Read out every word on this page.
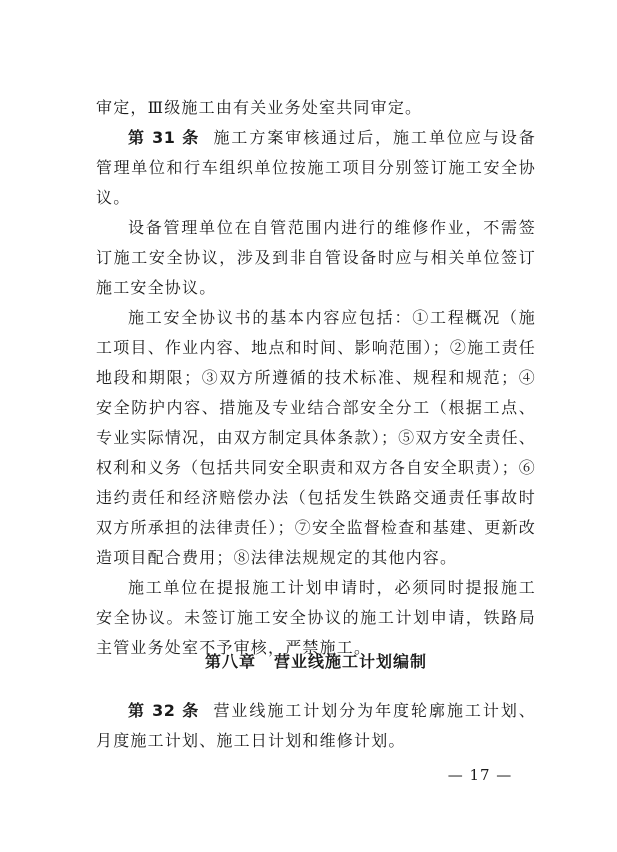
审定，Ⅲ级施工由有关业务处室共同审定。

第 31 条 施工方案审核通过后，施工单位应与设备管理单位和行车组织单位按施工项目分别签订施工安全协议。

设备管理单位在自管范围内进行的维修作业，不需签订施工安全协议，涉及到非自管设备时应与相关单位签订施工安全协议。

施工安全协议书的基本内容应包括：①工程概况（施工项目、作业内容、地点和时间、影响范围）；②施工责任地段和期限；③双方所遵循的技术标准、规程和规范；④安全防护内容、措施及专业结合部安全分工（根据工点、专业实际情况，由双方制定具体条款）；⑤双方安全责任、权利和义务（包括共同安全职责和双方各自安全职责）；⑥违约责任和经济赔偿办法（包括发生铁路交通责任事故时双方所承担的法律责任）；⑦安全监督检查和基建、更新改造项目配合费用；⑧法律法规规定的其他内容。

施工单位在提报施工计划申请时，必须同时提报施工安全协议。未签订施工安全协议的施工计划申请，铁路局主管业务处室不予审核，严禁施工。

第八章 营业线施工计划编制

第 32 条 营业线施工计划分为年度轮廓施工计划、月度施工计划、施工日计划和维修计划。

— 17 —
